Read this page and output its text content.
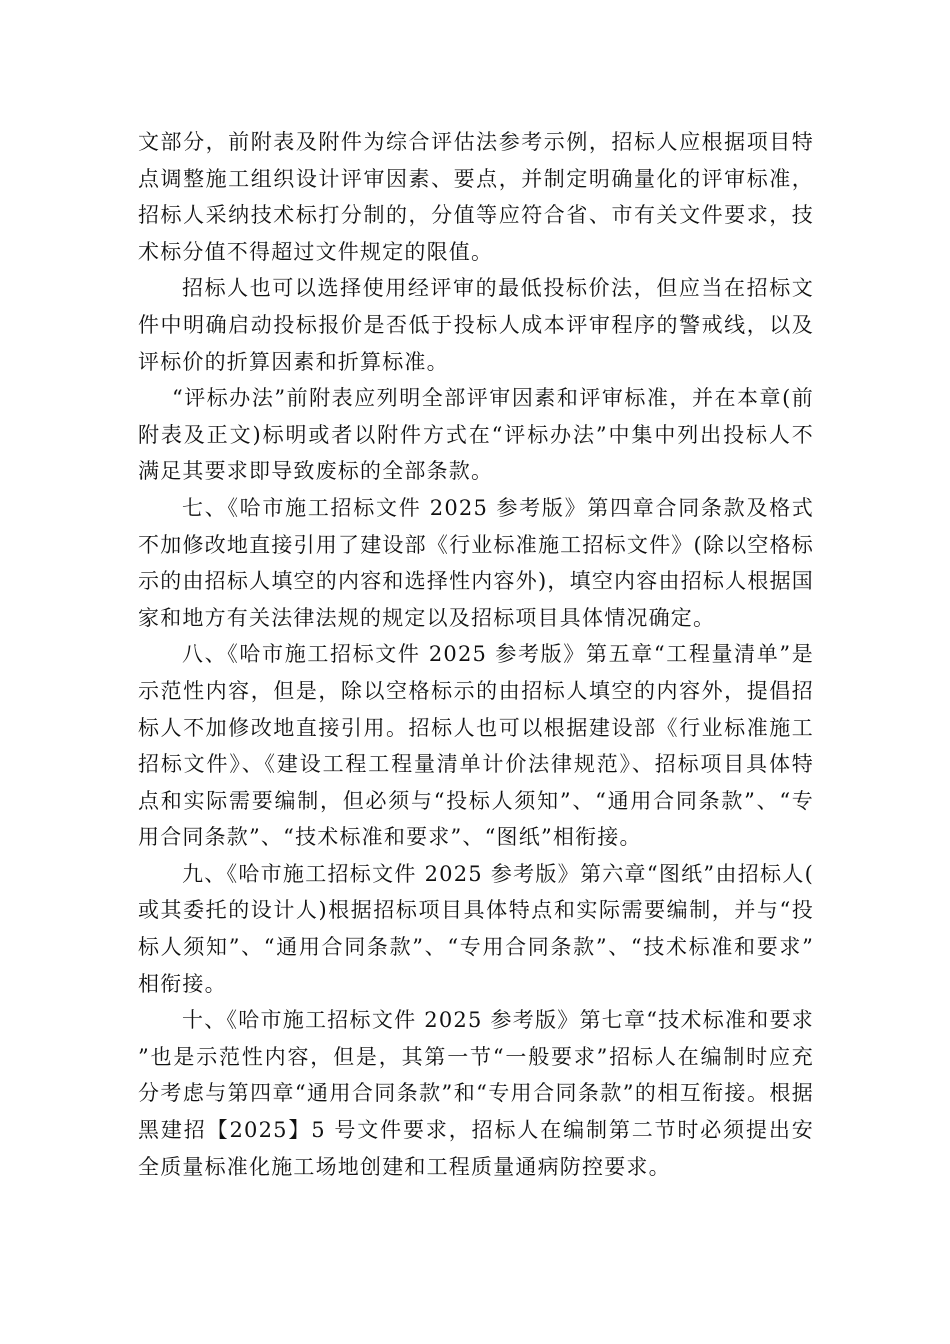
文部分，前附表及附件为综合评估法参考示例，招标人应根据项目特点调整施工组织设计评审因素、要点，并制定明确量化的评审标准，招标人采纳技术标打分制的，分值等应符合省、市有关文件要求，技术标分值不得超过文件规定的限值。

招标人也可以选择使用经评审的最低投标价法，但应当在招标文件中明确启动投标报价是否低于投标人成本评审程序的警戒线，以及评标价的折算因素和折算标准。

“评标办法”前附表应列明全部评审因素和评审标准，并在本章(前附表及正文)标明或者以附件方式在“评标办法”中集中列出投标人不满足其要求即导致废标的全部条款。

七、《哈市施工招标文件 2025 参考版》第四章合同条款及格式不加修改地直接引用了建设部《行业标准施工招标文件》(除以空格标示的由招标人填空的内容和选择性内容外)，填空内容由招标人根据国家和地方有关法律法规的规定以及招标项目具体情况确定。

八、《哈市施工招标文件 2025 参考版》第五章“工程量清单”是示范性内容，但是，除以空格标示的由招标人填空的内容外，提倡招标人不加修改地直接引用。招标人也可以根据建设部《行业标准施工招标文件》、《建设工程工程量清单计价法律规范》、招标项目具体特点和实际需要编制，但必须与“投标人须知”、“通用合同条款”、“专用合同条款”、“技术标准和要求”、“图纸”相衔接。

九、《哈市施工招标文件 2025 参考版》第六章“图纸”由招标人(或其委托的设计人)根据招标项目具体特点和实际需要编制，并与“投标人须知”、“通用合同条款”、“专用合同条款”、“技术标准和要求”相衔接。

十、《哈市施工招标文件 2025 参考版》第七章“技术标准和要求”也是示范性内容，但是，其第一节“一般要求”招标人在编制时应充分考虑与第四章“通用合同条款”和“专用合同条款”的相互衔接。根据黑建招【2025】5 号文件要求，招标人在编制第二节时必须提出安全质量标准化施工场地创建和工程质量通病防控要求。
